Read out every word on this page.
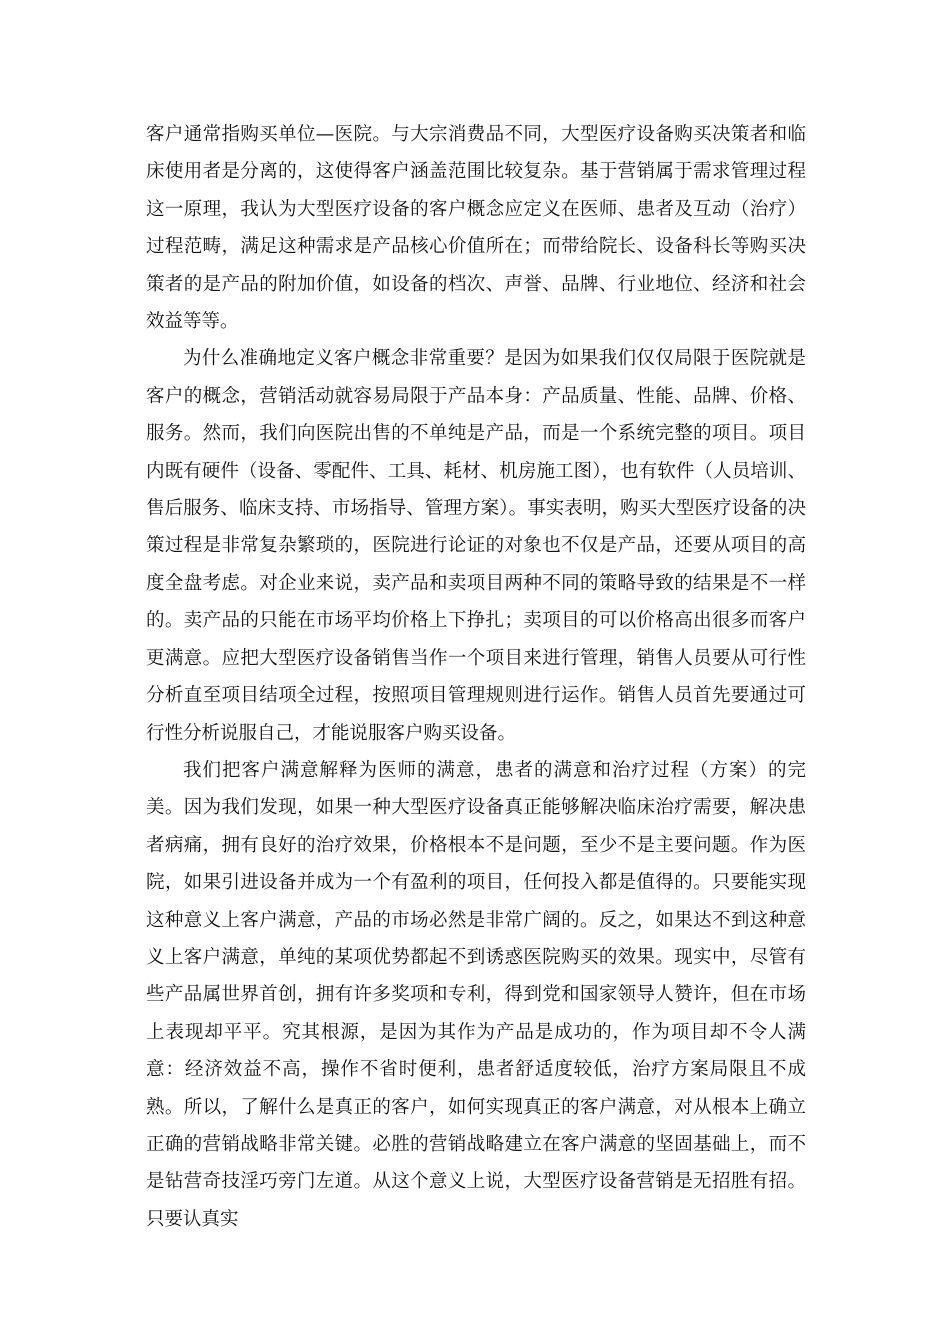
客户通常指购买单位—医院。与大宗消费品不同，大型医疗设备购买决策者和临床使用者是分离的，这使得客户涵盖范围比较复杂。基于营销属于需求管理过程这一原理，我认为大型医疗设备的客户概念应定义在医师、患者及互动（治疗）过程范畴，满足这种需求是产品核心价值所在；而带给院长、设备科长等购买决策者的是产品的附加价值，如设备的档次、声誉、品牌、行业地位、经济和社会效益等等。

为什么准确地定义客户概念非常重要？是因为如果我们仅仅局限于医院就是客户的概念，营销活动就容易局限于产品本身：产品质量、性能、品牌、价格、服务。然而，我们向医院出售的不单纯是产品，而是一个系统完整的项目。项目内既有硬件（设备、零配件、工具、耗材、机房施工图），也有软件（人员培训、售后服务、临床支持、市场指导、管理方案）。事实表明，购买大型医疗设备的决策过程是非常复杂繁琐的，医院进行论证的对象也不仅是产品，还要从项目的高度全盘考虑。对企业来说，卖产品和卖项目两种不同的策略导致的结果是不一样的。卖产品的只能在市场平均价格上下挣扎；卖项目的可以价格高出很多而客户更满意。应把大型医疗设备销售当作一个项目来进行管理，销售人员要从可行性分析直至项目结项全过程，按照项目管理规则进行运作。销售人员首先要通过可行性分析说服自己，才能说服客户购买设备。

我们把客户满意解释为医师的满意，患者的满意和治疗过程（方案）的完美。因为我们发现，如果一种大型医疗设备真正能够解决临床治疗需要，解决患者病痛，拥有良好的治疗效果，价格根本不是问题，至少不是主要问题。作为医院，如果引进设备并成为一个有盈利的项目，任何投入都是值得的。只要能实现这种意义上客户满意，产品的市场必然是非常广阔的。反之，如果达不到这种意义上客户满意，单纯的某项优势都起不到诱惑医院购买的效果。现实中，尽管有些产品属世界首创，拥有许多奖项和专利，得到党和国家领导人赞许，但在市场上表现却平平。究其根源，是因为其作为产品是成功的，作为项目却不令人满意：经济效益不高，操作不省时便利，患者舒适度较低，治疗方案局限且不成熟。所以，了解什么是真正的客户，如何实现真正的客户满意，对从根本上确立正确的营销战略非常关键。必胜的营销战略建立在客户满意的坚固基础上，而不是钻营奇技淫巧旁门左道。从这个意义上说，大型医疗设备营销是无招胜有招。只要认真实
